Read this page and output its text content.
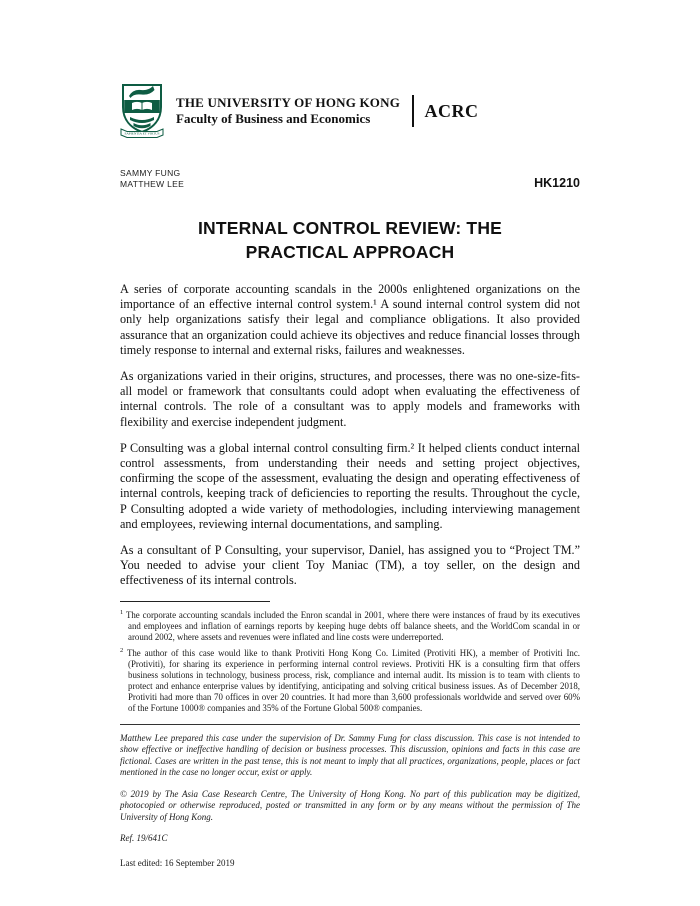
SAPIENTIA ET VIRTUS
THE UNIVERSITY OF HONG KONG
Faculty of Business and Economics	ACRC
SAMMY FUNG
MATTHEW LEE	HK1210
INTERNAL CONTROL REVIEW: THE PRACTICAL APPROACH

A series of corporate accounting scandals in the 2000s enlightened organizations on the importance of an effective internal control system.¹ A sound internal control system did not only help organizations satisfy their legal and compliance obligations. It also provided assurance that an organization could achieve its objectives and reduce financial losses through timely response to internal and external risks, failures and weaknesses.

As organizations varied in their origins, structures, and processes, there was no one-size-fits-all model or framework that consultants could adopt when evaluating the effectiveness of internal controls. The role of a consultant was to apply models and frameworks with flexibility and exercise independent judgment.

P Consulting was a global internal control consulting firm.² It helped clients conduct internal control assessments, from understanding their needs and setting project objectives, confirming the scope of the assessment, evaluating the design and operating effectiveness of internal controls, keeping track of deficiencies to reporting the results. Throughout the cycle, P Consulting adopted a wide variety of methodologies, including interviewing management and employees, reviewing internal documentations, and sampling.

As a consultant of P Consulting, your supervisor, Daniel, has assigned you to “Project TM.” You needed to advise your client Toy Maniac (TM), a toy seller, on the design and effectiveness of its internal controls.

$^1$ The corporate accounting scandals included the Enron scandal in 2001, where there were instances of fraud by its executives and employees and inflation of earnings reports by keeping huge debts off balance sheets, and the WorldCom scandal in or around 2002, where assets and revenues were inflated and line costs were underreported.
$^2$ The author of this case would like to thank Protiviti Hong Kong Co. Limited (Protiviti HK), a member of Protiviti Inc. (Protiviti), for sharing its experience in performing internal control reviews. Protiviti HK is a consulting firm that offers business solutions in technology, business process, risk, compliance and internal audit. Its mission is to team with clients to protect and enhance enterprise values by identifying, anticipating and solving critical business issues. As of December 2018, Protiviti had more than 70 offices in over 20 countries. It had more than 3,600 professionals worldwide and served over 60% of the Fortune 1000® companies and 35% of the Fortune Global 500® companies.

Matthew Lee prepared this case under the supervision of Dr. Sammy Fung for class discussion. This case is not intended to show effective or ineffective handling of decision or business processes. This discussion, opinions and facts in this case are fictional. Cases are written in the past tense, this is not meant to imply that all practices, organizations, people, places or fact mentioned in the case no longer occur, exist or apply.

© 2019 by The Asia Case Research Centre, The University of Hong Kong. No part of this publication may be digitized, photocopied or otherwise reproduced, posted or transmitted in any form or by any means without the permission of The University of Hong Kong.

Ref. 19/641C

Last edited: 16 September 2019
